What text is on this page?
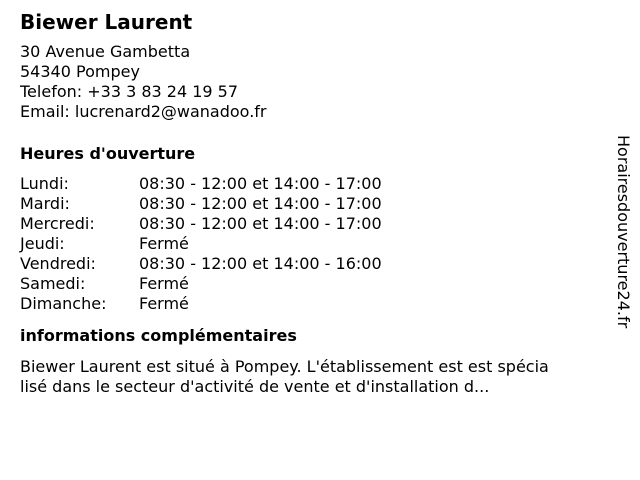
Biewer Laurent
30 Avenue Gambetta
54340 Pompey
Telefon: +33 3 83 24 19 57
Email: lucrenard2@wanadoo.fr
Heures d'ouverture
Lundi:	08:30 - 12:00 et 14:00 - 17:00
Mardi:	08:30 - 12:00 et 14:00 - 17:00
Mercredi:	08:30 - 12:00 et 14:00 - 17:00
Jeudi:	Fermé
Vendredi:	08:30 - 12:00 et 14:00 - 16:00
Samedi:	Fermé
Dimanche:	Fermé
informations complémentaires
Biewer Laurent est situé à Pompey. L'établissement est est spécia
lisé dans le secteur d'activité de vente et d'installation d...
Horairesdouverture24.fr
